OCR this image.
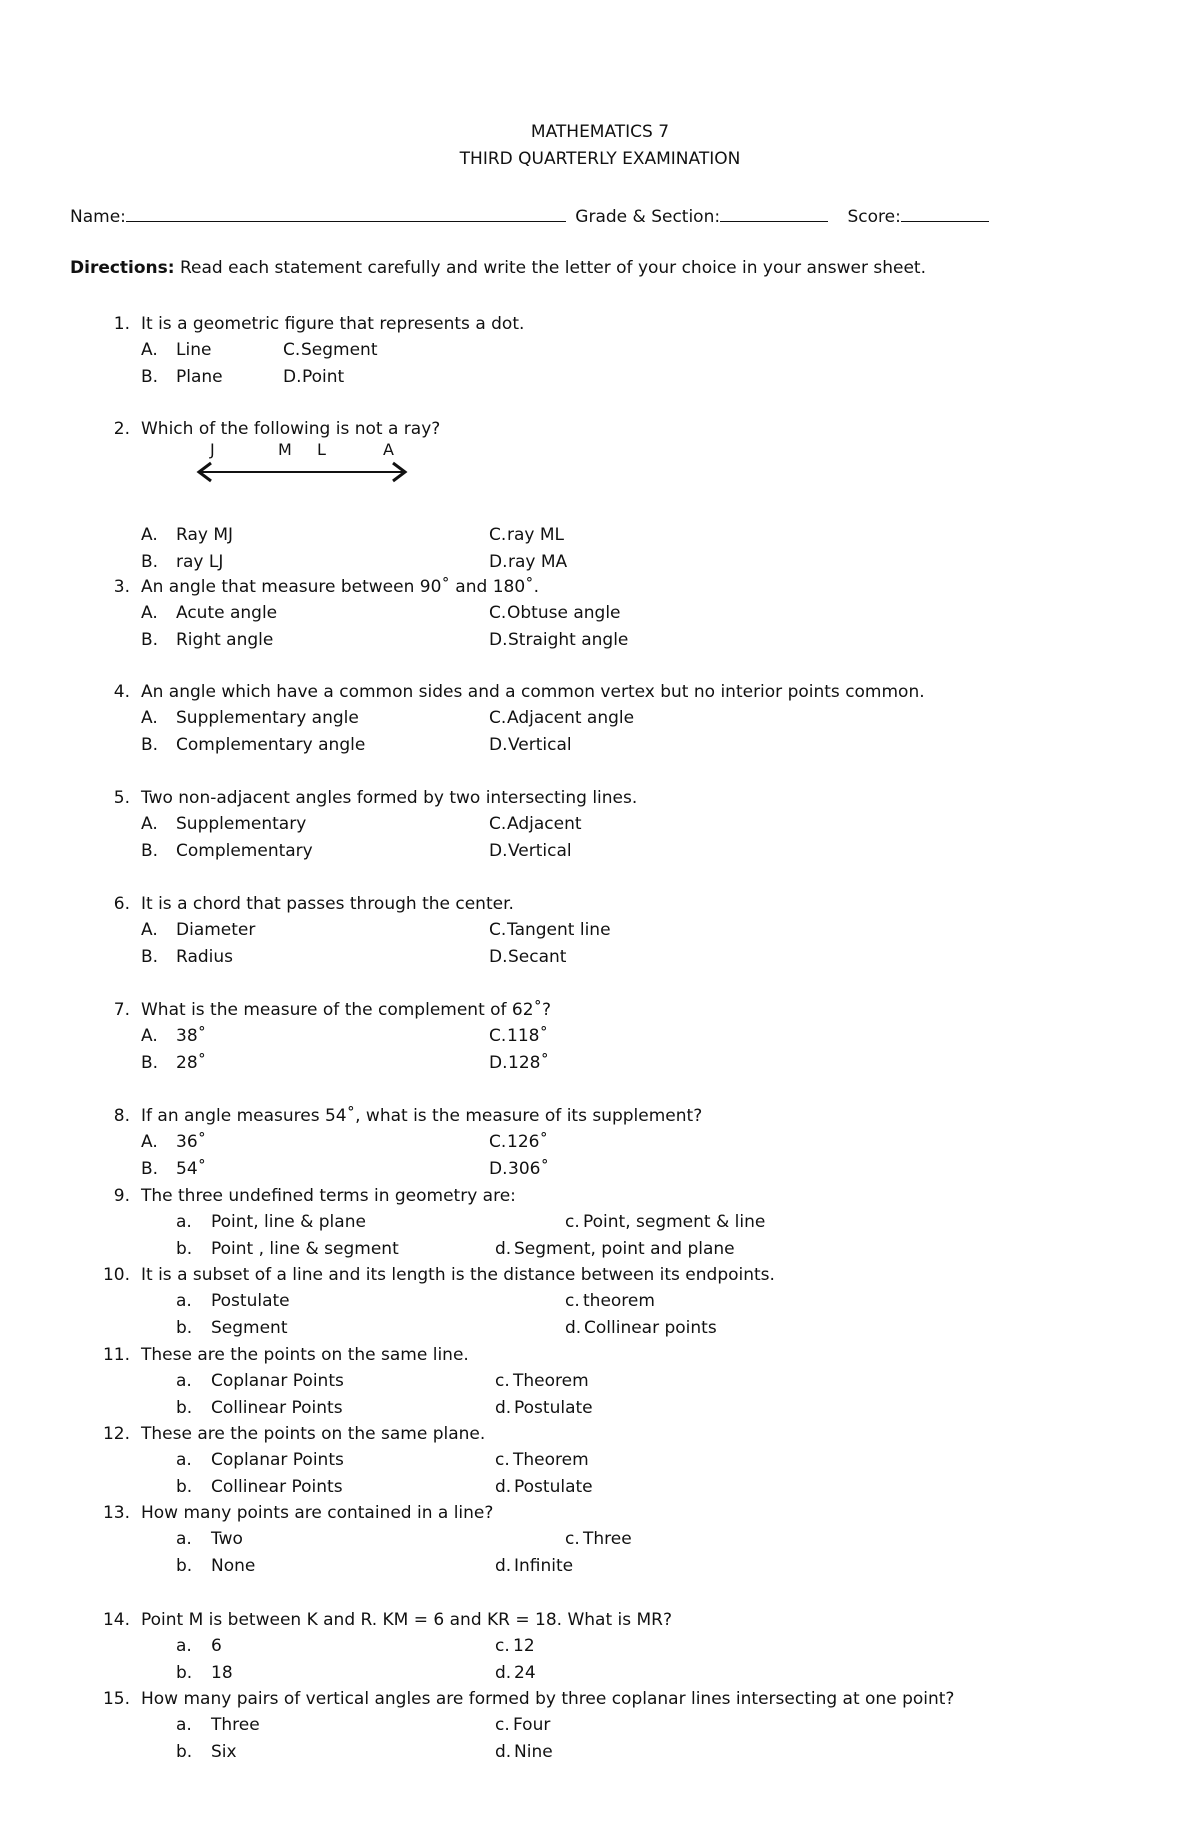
MATHEMATICS 7
THIRD QUARTERLY EXAMINATION
Name:	Grade & Section:	Score:
Directions: Read each statement carefully and write the letter of your choice in your answer sheet.
1. It is a geometric figure that represents a dot.
A. Line
B. Plane
C. Segment
D. Point
2. Which of the following is not a ray?
A. Ray MJ
B. ray LJ
C. ray ML
D. ray MA
3. An angle that measure between 90˚ and 180˚.
A. Acute angle
B. Right angle
C. Obtuse angle
D. Straight angle
4. An angle which have a common sides and a common vertex but no interior points common.
A. Supplementary angle
B. Complementary angle
C. Adjacent angle
D. Vertical
5. Two non-adjacent angles formed by two intersecting lines.
A. Supplementary
B. Complementary
C. Adjacent
D. Vertical
6. It is a chord that passes through the center.
A. Diameter
B. Radius
C. Tangent line
D. Secant
7. What is the measure of the complement of 62˚?
A. 38˚
B. 28˚
C. 118˚
D. 128˚
8. If an angle measures 54˚, what is the measure of its supplement?
A. 36˚
B. 54˚
C. 126˚
D. 306˚
9. The three undefined terms in geometry are:
a. Point, line & plane
b. Point , line & segment
c. Point, segment & line
d. Segment, point and plane
10. It is a subset of a line and its length is the distance between its endpoints.
a. Postulate
b. Segment
c. theorem
d. Collinear points
11. These are the points on the same line.
a. Coplanar Points
b. Collinear Points
c. Theorem
d. Postulate
12. These are the points on the same plane.
a. Coplanar Points
b. Collinear Points
c. Theorem
d. Postulate
13. How many points are contained in a line?
a. Two
b. None
c. Three
d. Infinite
14. Point M is between K and R. KM = 6 and KR = 18. What is MR?
a. 6
b. 18
c. 12
d. 24
15. How many pairs of vertical angles are formed by three coplanar lines intersecting at one point?
a. Three
b. Six
c. Four
d. Nine
J	M L	A
